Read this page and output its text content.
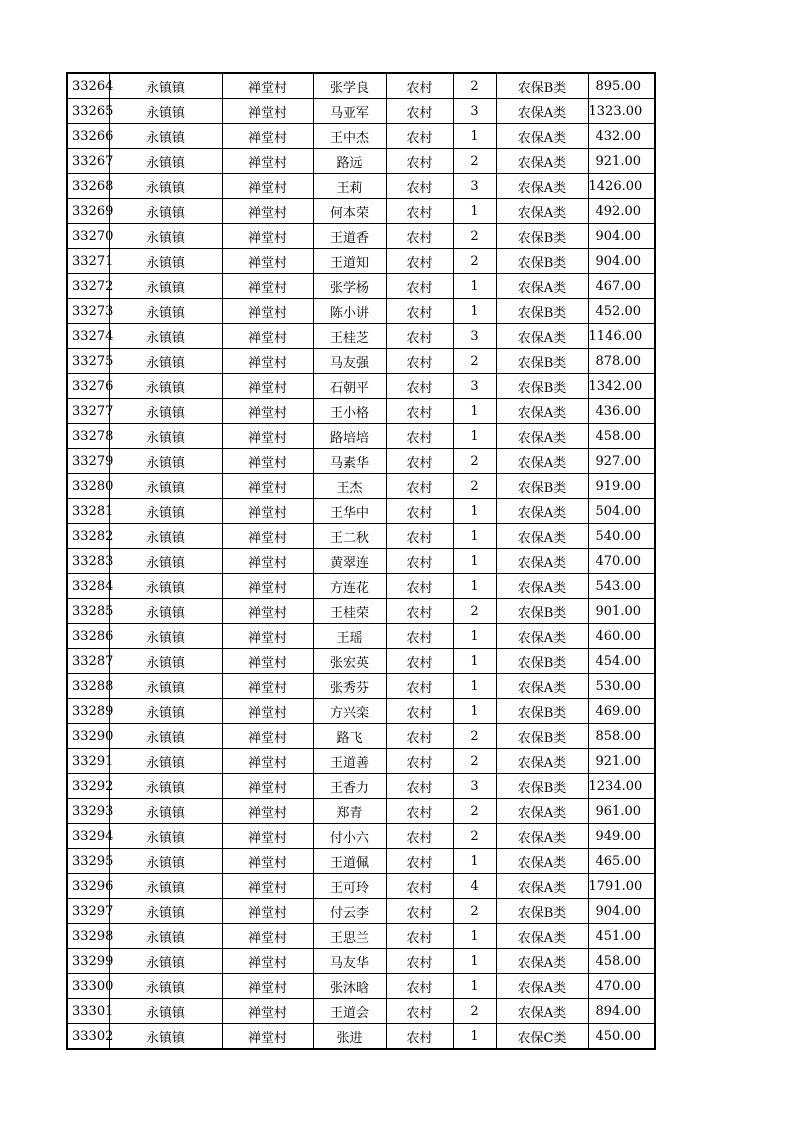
33264	永镇镇	禅堂村	张学良	农村	2	农保B类	895.00
33265	永镇镇	禅堂村	马亚军	农村	3	农保A类	1323.00
33266	永镇镇	禅堂村	王中杰	农村	1	农保A类	432.00
33267	永镇镇	禅堂村	路远	农村	2	农保A类	921.00
33268	永镇镇	禅堂村	王莉	农村	3	农保A类	1426.00
33269	永镇镇	禅堂村	何本荣	农村	1	农保A类	492.00
33270	永镇镇	禅堂村	王道香	农村	2	农保B类	904.00
33271	永镇镇	禅堂村	王道知	农村	2	农保B类	904.00
33272	永镇镇	禅堂村	张学杨	农村	1	农保A类	467.00
33273	永镇镇	禅堂村	陈小讲	农村	1	农保B类	452.00
33274	永镇镇	禅堂村	王桂芝	农村	3	农保A类	1146.00
33275	永镇镇	禅堂村	马友强	农村	2	农保B类	878.00
33276	永镇镇	禅堂村	石朝平	农村	3	农保B类	1342.00
33277	永镇镇	禅堂村	王小格	农村	1	农保A类	436.00
33278	永镇镇	禅堂村	路培培	农村	1	农保A类	458.00
33279	永镇镇	禅堂村	马素华	农村	2	农保A类	927.00
33280	永镇镇	禅堂村	王杰	农村	2	农保B类	919.00
33281	永镇镇	禅堂村	王华中	农村	1	农保A类	504.00
33282	永镇镇	禅堂村	王二秋	农村	1	农保A类	540.00
33283	永镇镇	禅堂村	黄翠连	农村	1	农保A类	470.00
33284	永镇镇	禅堂村	方连花	农村	1	农保A类	543.00
33285	永镇镇	禅堂村	王桂荣	农村	2	农保B类	901.00
33286	永镇镇	禅堂村	王瑶	农村	1	农保A类	460.00
33287	永镇镇	禅堂村	张宏英	农村	1	农保B类	454.00
33288	永镇镇	禅堂村	张秀芬	农村	1	农保A类	530.00
33289	永镇镇	禅堂村	方兴栾	农村	1	农保B类	469.00
33290	永镇镇	禅堂村	路飞	农村	2	农保B类	858.00
33291	永镇镇	禅堂村	王道善	农村	2	农保A类	921.00
33292	永镇镇	禅堂村	王香力	农村	3	农保B类	1234.00
33293	永镇镇	禅堂村	郑青	农村	2	农保A类	961.00
33294	永镇镇	禅堂村	付小六	农村	2	农保A类	949.00
33295	永镇镇	禅堂村	王道佩	农村	1	农保A类	465.00
33296	永镇镇	禅堂村	王可玲	农村	4	农保A类	1791.00
33297	永镇镇	禅堂村	付云李	农村	2	农保B类	904.00
33298	永镇镇	禅堂村	王思兰	农村	1	农保A类	451.00
33299	永镇镇	禅堂村	马友华	农村	1	农保A类	458.00
33300	永镇镇	禅堂村	张沐晗	农村	1	农保A类	470.00
33301	永镇镇	禅堂村	王道会	农村	2	农保A类	894.00
33302	永镇镇	禅堂村	张进	农村	1	农保C类	450.00
